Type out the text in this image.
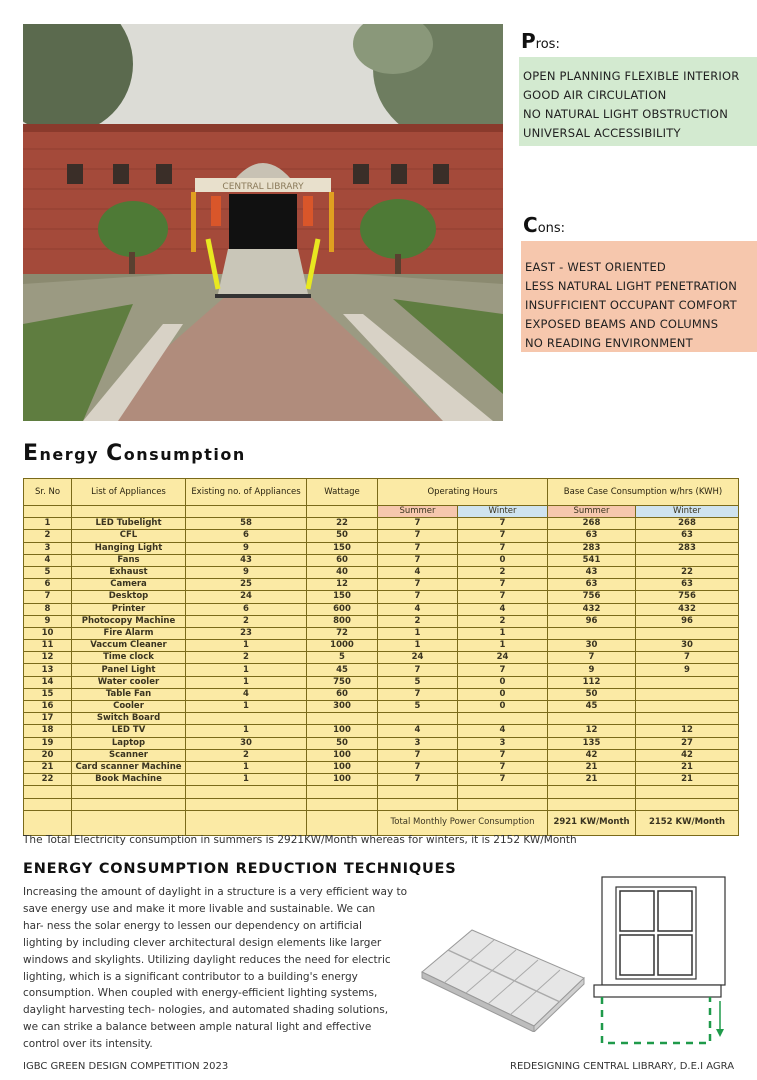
CENTRAL LIBRARY
Pros:
OPEN PLANNING FLEXIBLE INTERIOR
GOOD AIR CIRCULATION
NO NATURAL LIGHT OBSTRUCTION
UNIVERSAL ACCESSIBILITY
Cons:
EAST - WEST ORIENTED
LESS NATURAL LIGHT PENETRATION
INSUFFICIENT OCCUPANT COMFORT
EXPOSED BEAMS AND COLUMNS
NO READING ENVIRONMENT
Energy Consumption
Sr. No	List of Appliances	Existing no. of Appliances	Wattage	Operating Hours		Base Case Consumption w/hrs (KWH)	
				Summer	Winter	Summer	Winter
1	LED Tubelight	58	22	7	7	268	268
2	CFL	6	50	7	7	63	63
3	Hanging Light	9	150	7	7	283	283
4	Fans	43	60	7	0	541	
5	Exhaust	9	40	4	2	43	22
6	Camera	25	12	7	7	63	63
7	Desktop	24	150	7	7	756	756
8	Printer	6	600	4	4	432	432
9	Photocopy Machine	2	800	2	2	96	96
10	Fire Alarm	23	72	1	1		
11	Vaccum Cleaner	1	1000	1	1	30	30
12	Time clock	2	5	24	24	7	7
13	Panel Light	1	45	7	7	9	9
14	Water cooler	1	750	5	0	112	
15	Table Fan	4	60	7	0	50	
16	Cooler	1	300	5	0	45	
17	Switch Board						
18	LED TV	1	100	4	4	12	12
19	Laptop	30	50	3	3	135	27
20	Scanner	2	100	7	7	42	42
21	Card scanner Machine	1	100	7	7	21	21
22	Book Machine	1	100	7	7	21	21

				Total Monthly Power Consumption		2921 KW/Month	2152 KW/Month
The Total Electricity consumption in summers is 2921KW/Month whereas for winters, it is 2152 KW/Month
ENERGY CONSUMPTION REDUCTION TECHNIQUES
Increasing the amount of daylight in a structure is a very efficient way to
save energy use and make it more livable and sustainable. We can
har- ness the solar energy to lessen our dependency on artificial
lighting by including clever architectural design elements like larger
windows and skylights. Utilizing daylight reduces the need for electric
lighting, which is a significant contributor to a building's energy
consumption. When coupled with energy-efficient lighting systems,
daylight harvesting tech- nologies, and automated shading solutions,
we can strike a balance between ample natural light and effective
control over its intensity.
IGBC GREEN DESIGN COMPETITION 2023	REDESIGNING CENTRAL LIBRARY, D.E.I AGRA
